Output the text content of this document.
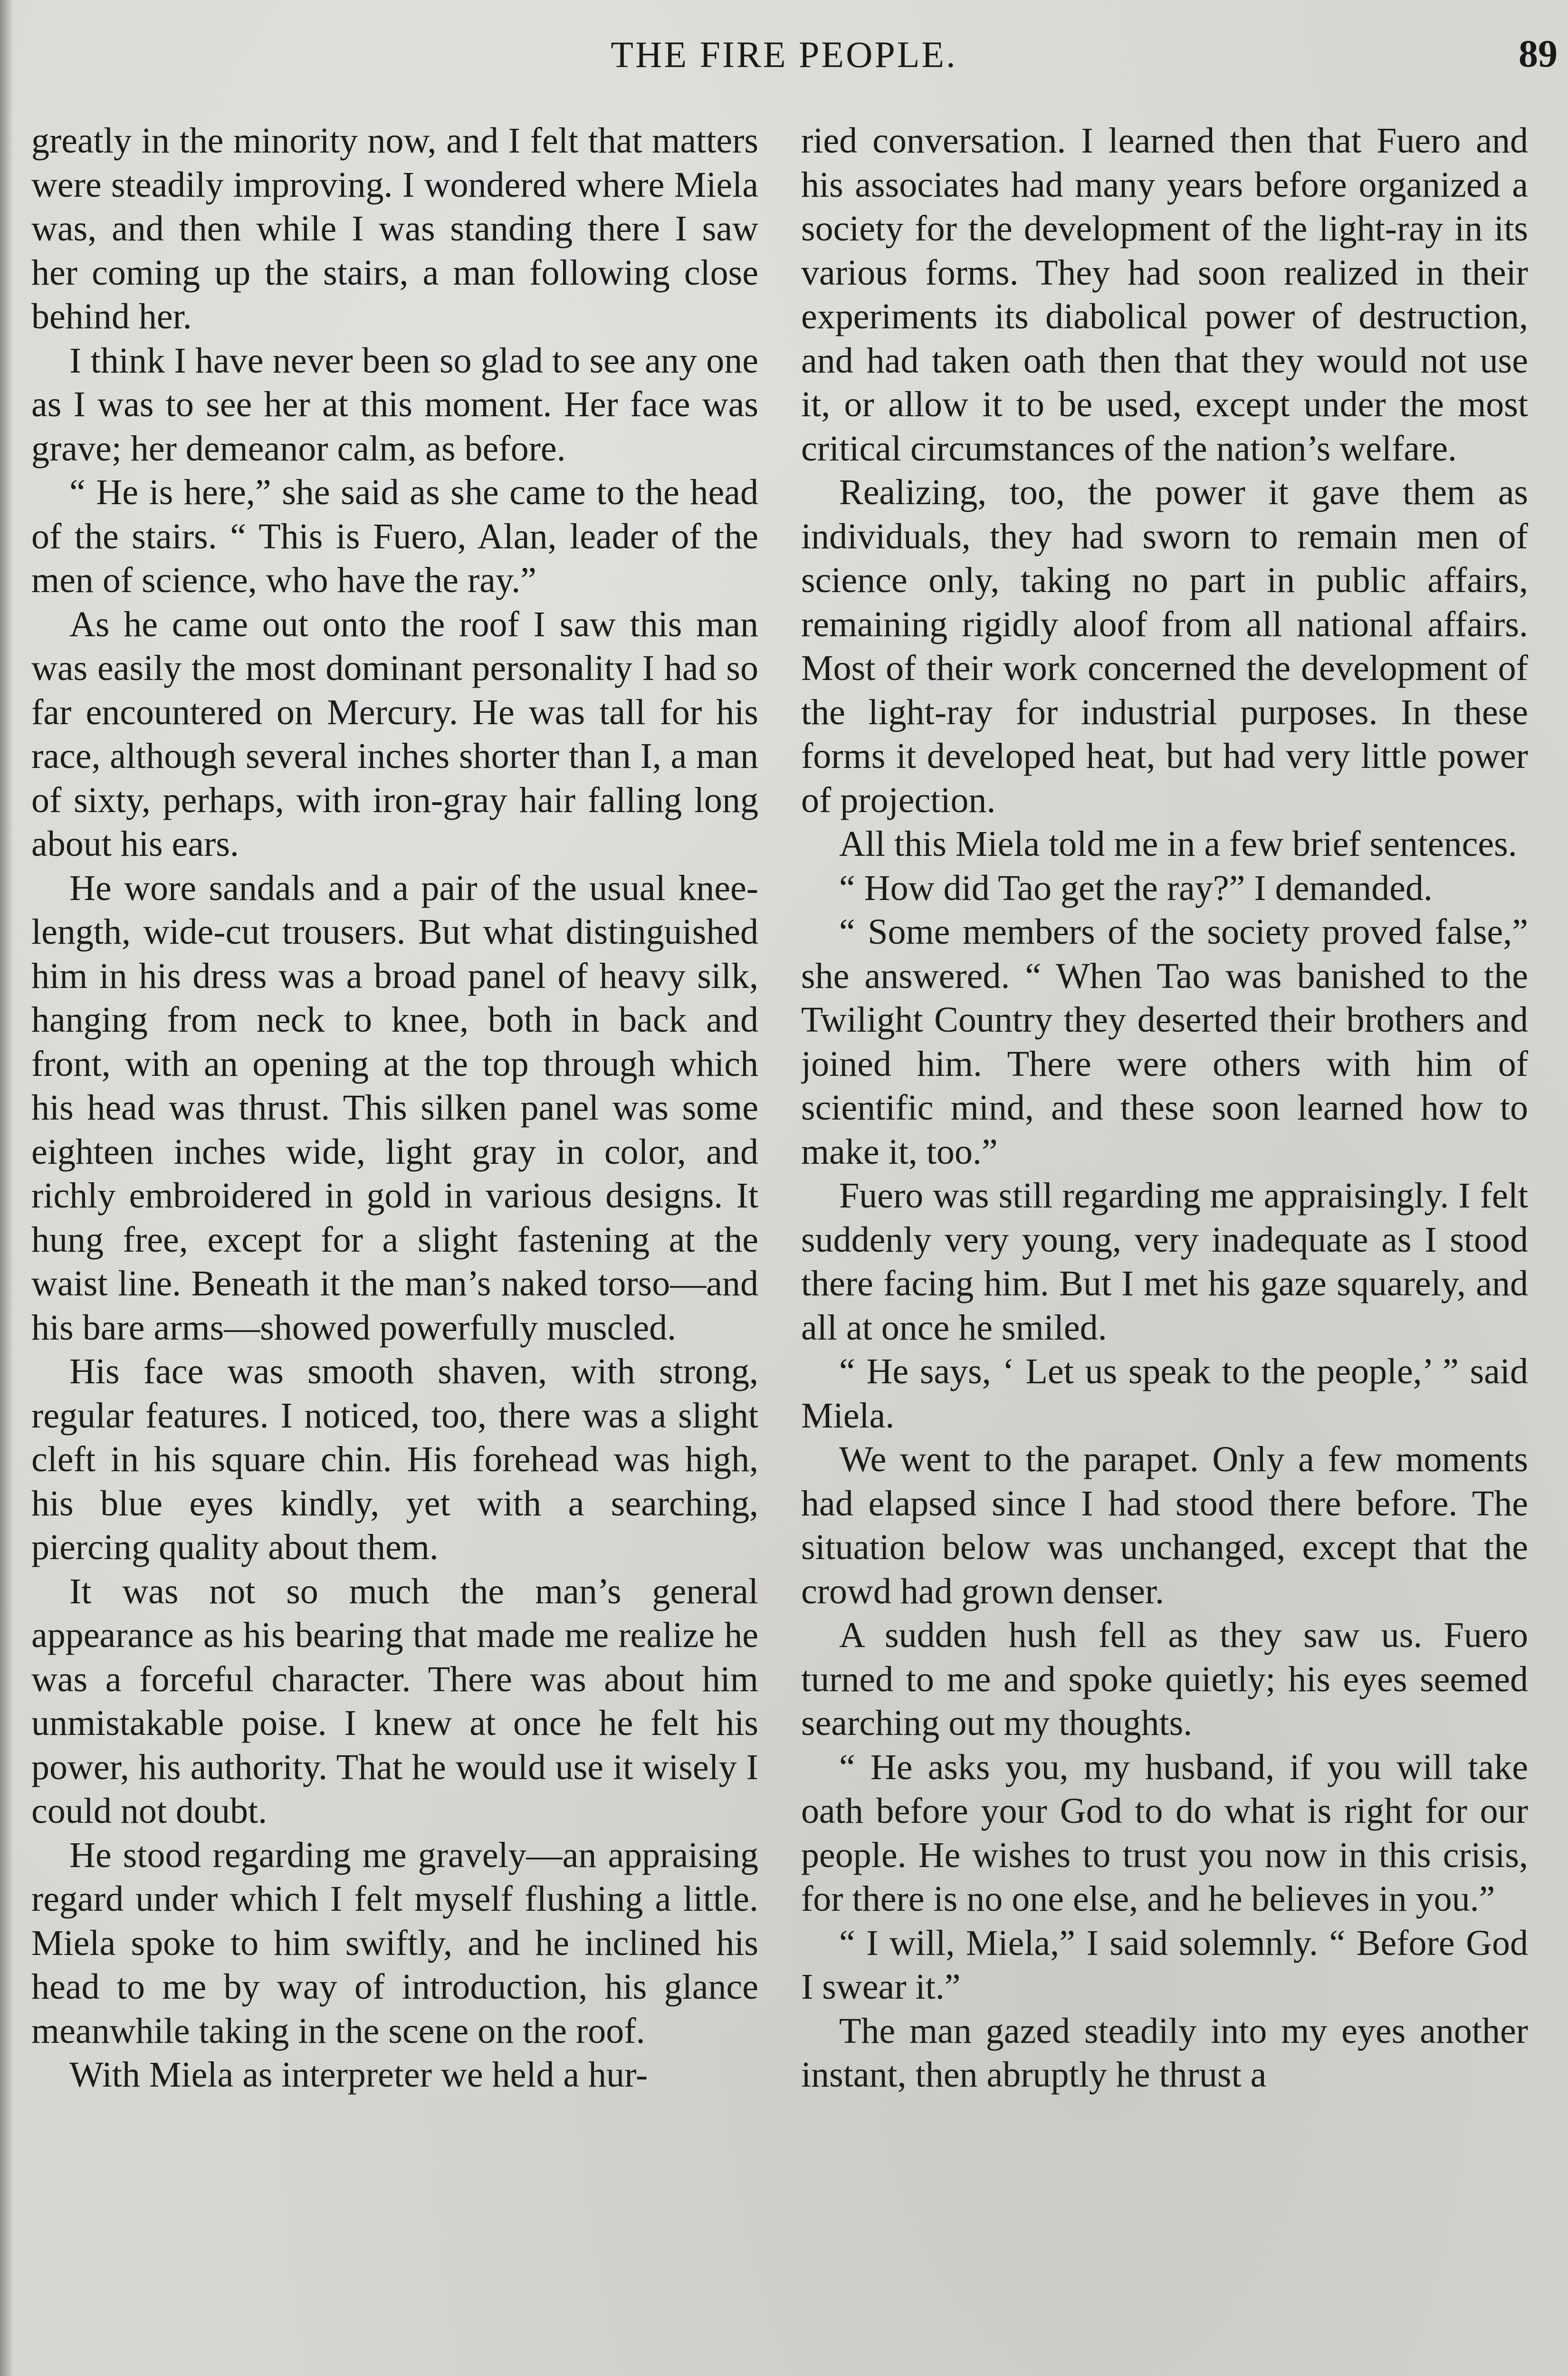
THE FIRE PEOPLE.	89

greatly in the minority now, and I felt that matters were steadily improving. I wondered where Miela was, and then while I was standing there I saw her coming up the stairs, a man following close behind her.

I think I have never been so glad to see any one as I was to see her at this moment. Her face was grave; her demeanor calm, as before.

“ He is here,” she said as she came to the head of the stairs. “ This is Fuero, Alan, leader of the men of science, who have the ray.”

As he came out onto the roof I saw this man was easily the most dominant personality I had so far encountered on Mercury. He was tall for his race, although several inches shorter than I, a man of sixty, perhaps, with iron-gray hair falling long about his ears.

He wore sandals and a pair of the usual knee-length, wide-cut trousers. But what distinguished him in his dress was a broad panel of heavy silk, hanging from neck to knee, both in back and front, with an opening at the top through which his head was thrust. This silken panel was some eighteen inches wide, light gray in color, and richly embroidered in gold in various designs. It hung free, except for a slight fastening at the waist line. Beneath it the man’s naked torso—and his bare arms—showed powerfully muscled.

His face was smooth shaven, with strong, regular features. I noticed, too, there was a slight cleft in his square chin. His forehead was high, his blue eyes kindly, yet with a searching, piercing quality about them.

It was not so much the man’s general appearance as his bearing that made me realize he was a forceful character. There was about him unmistakable poise. I knew at once he felt his power, his authority. That he would use it wisely I could not doubt.

He stood regarding me gravely—an appraising regard under which I felt myself flushing a little. Miela spoke to him swiftly, and he inclined his head to me by way of introduction, his glance meanwhile taking in the scene on the roof.

With Miela as interpreter we held a hur-

ried conversation. I learned then that Fuero and his associates had many years before organized a society for the development of the light-ray in its various forms. They had soon realized in their experiments its diabolical power of destruction, and had taken oath then that they would not use it, or allow it to be used, except under the most critical circumstances of the nation’s welfare.

Realizing, too, the power it gave them as individuals, they had sworn to remain men of science only, taking no part in public affairs, remaining rigidly aloof from all national affairs. Most of their work concerned the development of the light-ray for industrial purposes. In these forms it developed heat, but had very little power of projection.

All this Miela told me in a few brief sentences.

“ How did Tao get the ray?” I demanded.

“ Some members of the society proved false,” she answered. “ When Tao was banished to the Twilight Country they deserted their brothers and joined him. There were others with him of scientific mind, and these soon learned how to make it, too.”

Fuero was still regarding me appraisingly. I felt suddenly very young, very inadequate as I stood there facing him. But I met his gaze squarely, and all at once he smiled.

“ He says, ‘ Let us speak to the people,’ ” said Miela.

We went to the parapet. Only a few moments had elapsed since I had stood there before. The situation below was unchanged, except that the crowd had grown denser.

A sudden hush fell as they saw us. Fuero turned to me and spoke quietly; his eyes seemed searching out my thoughts.

“ He asks you, my husband, if you will take oath before your God to do what is right for our people. He wishes to trust you now in this crisis, for there is no one else, and he believes in you.”

“ I will, Miela,” I said solemnly. “ Before God I swear it.”

The man gazed steadily into my eyes another instant, then abruptly he thrust a
